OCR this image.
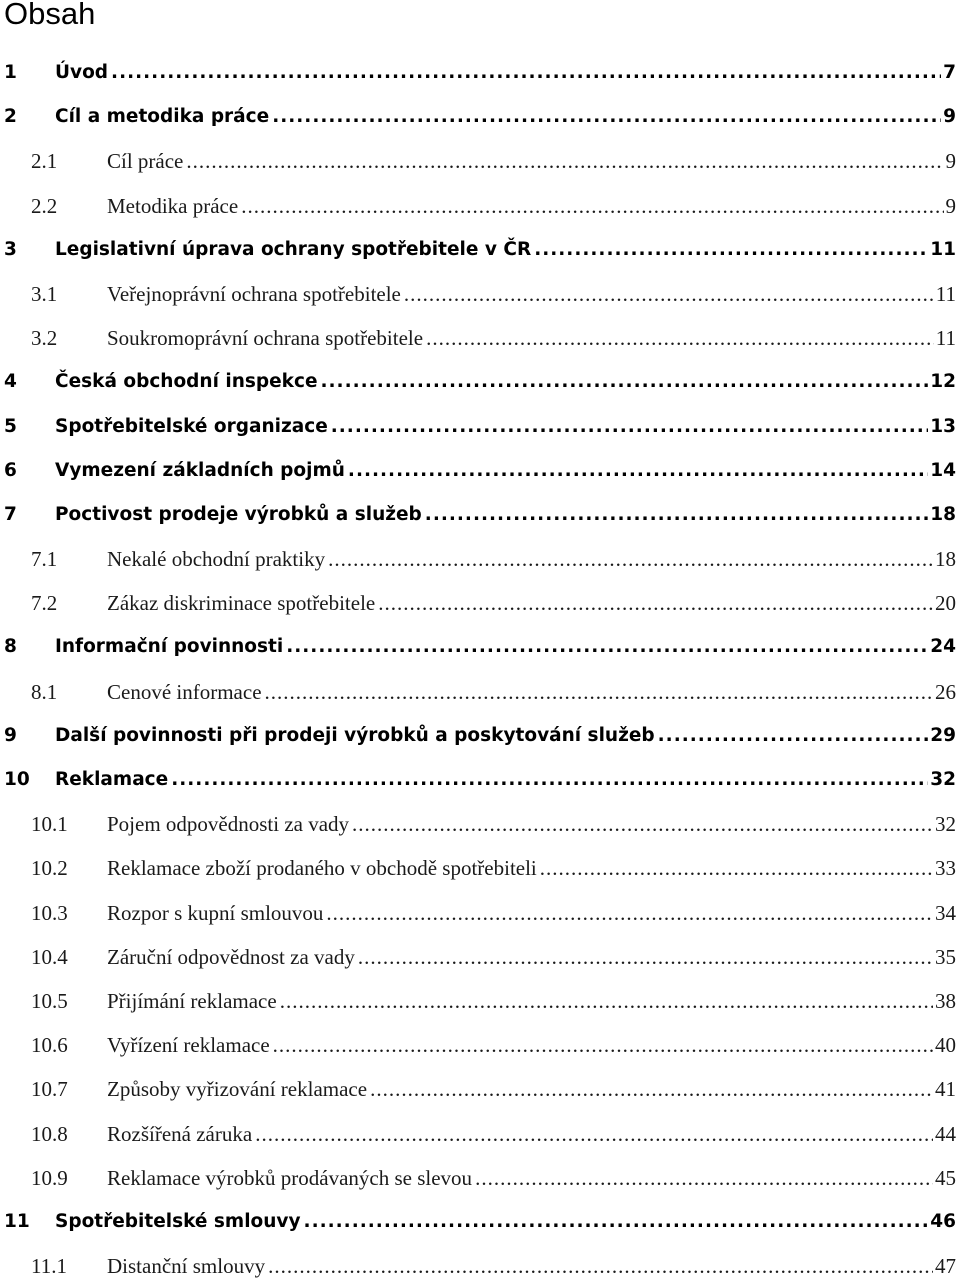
Obsah
1	Úvod .....	7
2	Cíl a metodika práce .....	9
2.1	Cíl práce .....	9
2.2	Metodika práce .....	9
3	Legislativní úprava ochrany spotřebitele v ČR .....	11
3.1	Veřejnoprávní ochrana spotřebitele .....	11
3.2	Soukromoprávní ochrana spotřebitele .....	11
4	Česká obchodní inspekce .....	12
5	Spotřebitelské organizace .....	13
6	Vymezení základních pojmů .....	14
7	Poctivost prodeje výrobků a služeb .....	18
7.1	Nekalé obchodní praktiky .....	18
7.2	Zákaz diskriminace spotřebitele .....	20
8	Informační povinnosti .....	24
8.1	Cenové informace .....	26
9	Další povinnosti při prodeji výrobků a poskytování služeb .....	29
10	Reklamace .....	32
10.1	Pojem odpovědnosti za vady .....	32
10.2	Reklamace zboží prodaného v obchodě spotřebiteli .....	33
10.3	Rozpor s kupní smlouvou .....	34
10.4	Záruční odpovědnost za vady .....	35
10.5	Přijímání reklamace .....	38
10.6	Vyřízení reklamace .....	40
10.7	Způsoby vyřizování reklamace .....	41
10.8	Rozšířená záruka .....	44
10.9	Reklamace výrobků prodávaných se slevou .....	45
11	Spotřebitelské smlouvy .....	46
11.1	Distanční smlouvy .....	47
